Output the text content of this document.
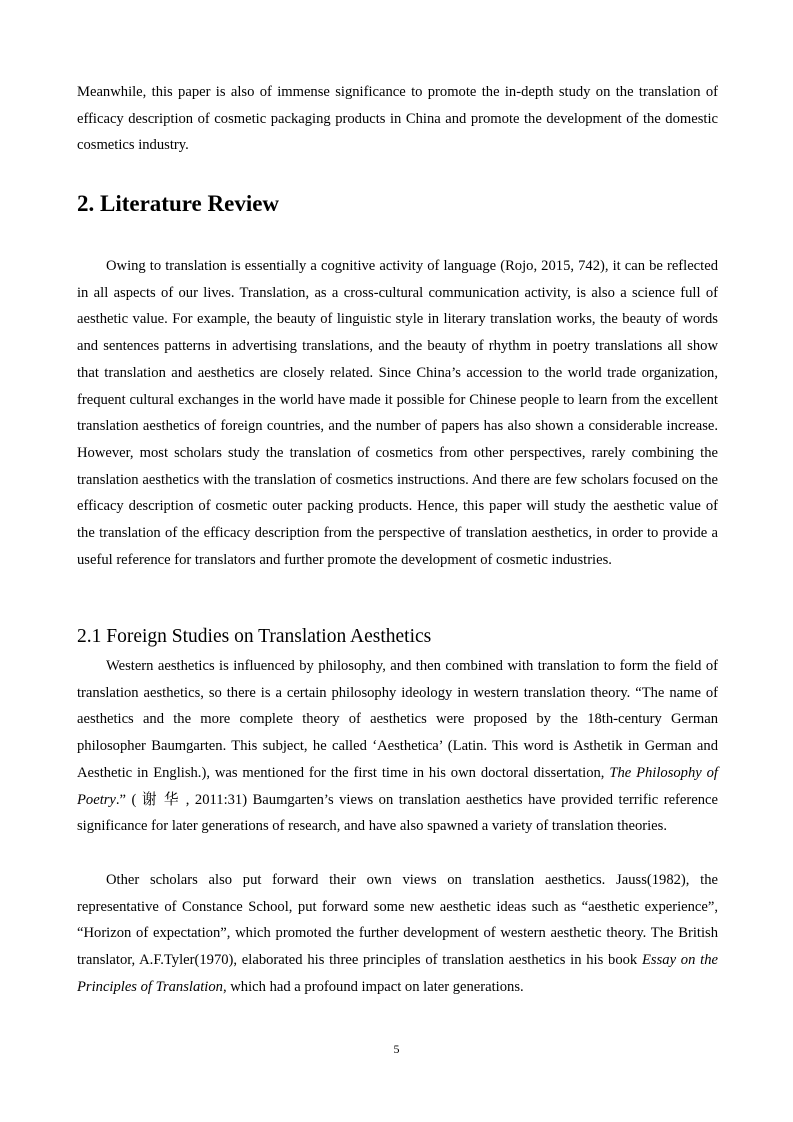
Meanwhile, this paper is also of immense significance to promote the in-depth study on the translation of efficacy description of cosmetic packaging products in China and promote the development of the domestic cosmetics industry.

2. Literature Review

Owing to translation is essentially a cognitive activity of language (Rojo, 2015, 742), it can be reflected in all aspects of our lives. Translation, as a cross-cultural communication activity, is also a science full of aesthetic value. For example, the beauty of linguistic style in literary translation works, the beauty of words and sentences patterns in advertising translations, and the beauty of rhythm in poetry translations all show that translation and aesthetics are closely related. Since China’s accession to the world trade organization, frequent cultural exchanges in the world have made it possible for Chinese people to learn from the excellent translation aesthetics of foreign countries, and the number of papers has also shown a considerable increase. However, most scholars study the translation of cosmetics from other perspectives, rarely combining the translation aesthetics with the translation of cosmetics instructions. And there are few scholars focused on the efficacy description of cosmetic outer packing products. Hence, this paper will study the aesthetic value of the translation of the efficacy description from the perspective of translation aesthetics, in order to provide a useful reference for translators and further promote the development of cosmetic industries.

2.1 Foreign Studies on Translation Aesthetics

Western aesthetics is influenced by philosophy, and then combined with translation to form the field of translation aesthetics, so there is a certain philosophy ideology in western translation theory. “The name of aesthetics and the more complete theory of aesthetics were proposed by the 18th-century German philosopher Baumgarten. This subject, he called ‘Aesthetica’ (Latin. This word is Asthetik in German and Aesthetic in English.), was mentioned for the first time in his own doctoral dissertation, The Philosophy of Poetry.” ( 谢 华 , 2011:31) Baumgarten’s views on translation aesthetics have provided terrific reference significance for later generations of research, and have also spawned a variety of translation theories.

Other scholars also put forward their own views on translation aesthetics. Jauss(1982), the representative of Constance School, put forward some new aesthetic ideas such as “aesthetic experience”, “Horizon of expectation”, which promoted the further development of western aesthetic theory. The British translator, A.F.Tyler(1970), elaborated his three principles of translation aesthetics in his book Essay on the Principles of Translation, which had a profound impact on later generations.

5
